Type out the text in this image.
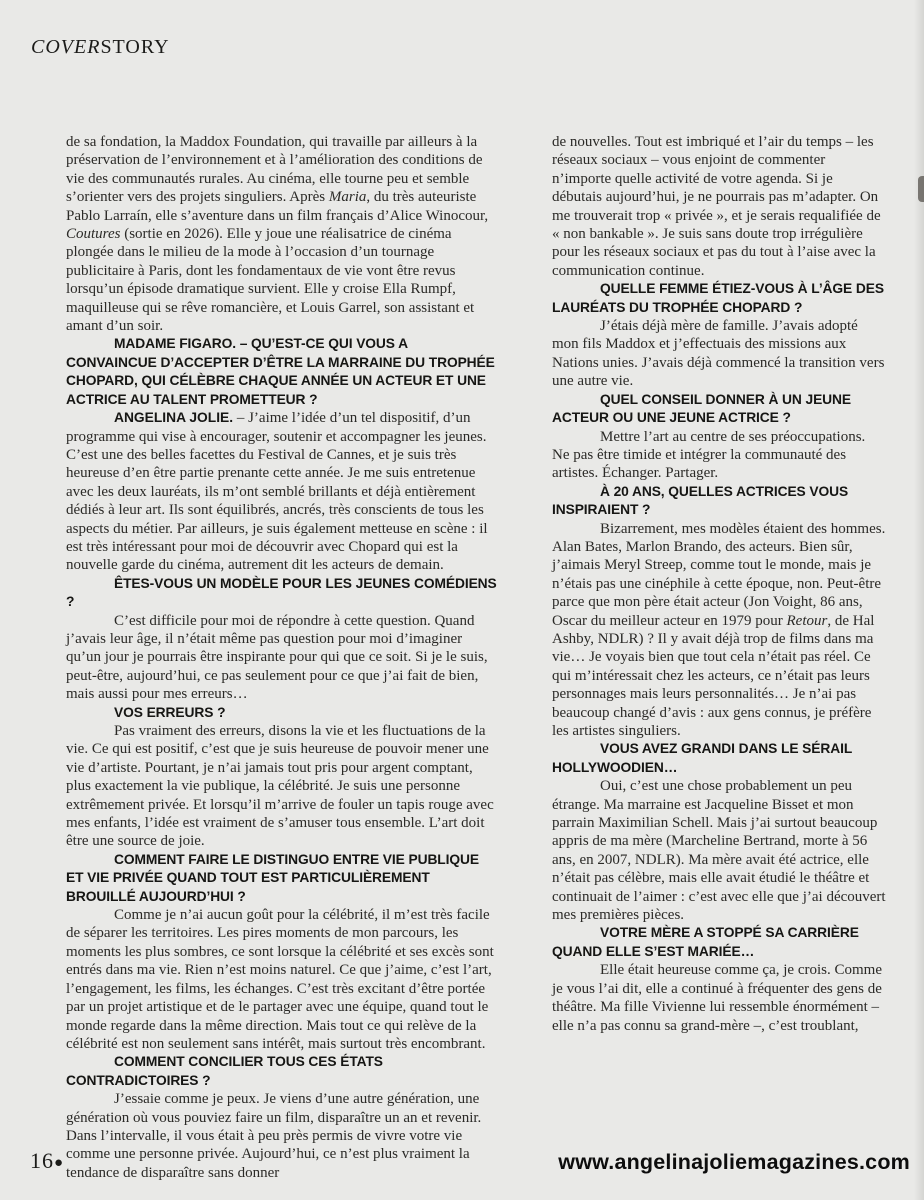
COVERSTORY

de sa fondation, la Maddox Foundation, qui travaille par ailleurs à la préservation de l’environnement et à l’amélioration des conditions de vie des communautés rurales. Au cinéma, elle tourne peu et semble s’orienter vers des projets singuliers. Après Maria, du très auteuriste Pablo Larraín, elle s’aventure dans un film français d’Alice Winocour, Coutures (sortie en 2026). Elle y joue une réalisatrice de cinéma plongée dans le milieu de la mode à l’occasion d’un tournage publicitaire à Paris, dont les fondamentaux de vie vont être revus lorsqu’un épisode dramatique survient. Elle y croise Ella Rumpf, maquilleuse qui se rêve romancière, et Louis Garrel, son assistant et amant d’un soir.

MADAME FIGARO. – QU’EST-CE QUI VOUS A CONVAINCUE D’ACCEPTER D’ÊTRE LA MARRAINE DU TROPHÉE CHOPARD, QUI CÉLÈBRE CHAQUE ANNÉE UN ACTEUR ET UNE ACTRICE AU TALENT PROMETTEUR ?

ANGELINA JOLIE. – J’aime l’idée d’un tel dispositif, d’un programme qui vise à encourager, soutenir et accompagner les jeunes. C’est une des belles facettes du Festival de Cannes, et je suis très heureuse d’en être partie prenante cette année. Je me suis entretenue avec les deux lauréats, ils m’ont semblé brillants et déjà entièrement dédiés à leur art. Ils sont équilibrés, ancrés, très conscients de tous les aspects du métier. Par ailleurs, je suis également metteuse en scène : il est très intéressant pour moi de découvrir avec Chopard qui est la nouvelle garde du cinéma, autrement dit les acteurs de demain.

ÊTES-VOUS UN MODÈLE POUR LES JEUNES COMÉDIENS ?

C’est difficile pour moi de répondre à cette question. Quand j’avais leur âge, il n’était même pas question pour moi d’imaginer qu’un jour je pourrais être inspirante pour qui que ce soit. Si je le suis, peut-être, aujourd’hui, ce pas seulement pour ce que j’ai fait de bien, mais aussi pour mes erreurs…

VOS ERREURS ?

Pas vraiment des erreurs, disons la vie et les fluctuations de la vie. Ce qui est positif, c’est que je suis heureuse de pouvoir mener une vie d’artiste. Pourtant, je n’ai jamais tout pris pour argent comptant, plus exactement la vie publique, la célébrité. Je suis une personne extrêmement privée. Et lorsqu’il m’arrive de fouler un tapis rouge avec mes enfants, l’idée est vraiment de s’amuser tous ensemble. L’art doit être une source de joie.

COMMENT FAIRE LE DISTINGUO ENTRE VIE PUBLIQUE ET VIE PRIVÉE QUAND TOUT EST PARTICULIÈREMENT BROUILLÉ AUJOURD’HUI ?

Comme je n’ai aucun goût pour la célébrité, il m’est très facile de séparer les territoires. Les pires moments de mon parcours, les moments les plus sombres, ce sont lorsque la célébrité et ses excès sont entrés dans ma vie. Rien n’est moins naturel. Ce que j’aime, c’est l’art, l’engagement, les films, les échanges. C’est très excitant d’être portée par un projet artistique et de le partager avec une équipe, quand tout le monde regarde dans la même direction. Mais tout ce qui relève de la célébrité est non seulement sans intérêt, mais surtout très encombrant.

COMMENT CONCILIER TOUS CES ÉTATS CONTRADICTOIRES ?

J’essaie comme je peux. Je viens d’une autre génération, une génération où vous pouviez faire un film, disparaître un an et revenir. Dans l’intervalle, il vous était à peu près permis de vivre votre vie comme une personne privée. Aujourd’hui, ce n’est plus vraiment la tendance de disparaître sans donner

de nouvelles. Tout est imbriqué et l’air du temps – les réseaux sociaux – vous enjoint de commenter n’importe quelle activité de votre agenda. Si je débutais aujourd’hui, je ne pourrais pas m’adapter. On me trouverait trop « privée », et je serais requalifiée de « non bankable ». Je suis sans doute trop irrégulière pour les réseaux sociaux et pas du tout à l’aise avec la communication continue.

QUELLE FEMME ÉTIEZ-VOUS À L’ÂGE DES LAURÉATS DU TROPHÉE CHOPARD ?

J’étais déjà mère de famille. J’avais adopté mon fils Maddox et j’effectuais des missions aux Nations unies. J’avais déjà commencé la transition vers une autre vie.

QUEL CONSEIL DONNER À UN JEUNE ACTEUR OU UNE JEUNE ACTRICE ?

Mettre l’art au centre de ses préoccupations. Ne pas être timide et intégrer la communauté des artistes. Échanger. Partager.

À 20 ANS, QUELLES ACTRICES VOUS INSPIRAIENT ?

Bizarrement, mes modèles étaient des hommes. Alan Bates, Marlon Brando, des acteurs. Bien sûr, j’aimais Meryl Streep, comme tout le monde, mais je n’étais pas une cinéphile à cette époque, non. Peut-être parce que mon père était acteur (Jon Voight, 86 ans, Oscar du meilleur acteur en 1979 pour Retour, de Hal Ashby, NDLR) ? Il y avait déjà trop de films dans ma vie… Je voyais bien que tout cela n’était pas réel. Ce qui m’intéressait chez les acteurs, ce n’était pas leurs personnages mais leurs personnalités… Je n’ai pas beaucoup changé d’avis : aux gens connus, je préfère les artistes singuliers.

VOUS AVEZ GRANDI DANS LE SÉRAIL HOLLYWOODIEN…

Oui, c’est une chose probablement un peu étrange. Ma marraine est Jacqueline Bisset et mon parrain Maximilian Schell. Mais j’ai surtout beaucoup appris de ma mère (Marcheline Bertrand, morte à 56 ans, en 2007, NDLR). Ma mère avait été actrice, elle n’était pas célèbre, mais elle avait étudié le théâtre et continuait de l’aimer : c’est avec elle que j’ai découvert mes premières pièces.

VOTRE MÈRE A STOPPÉ SA CARRIÈRE QUAND ELLE S’EST MARIÉE…

Elle était heureuse comme ça, je crois. Comme je vous l’ai dit, elle a continué à fréquenter des gens de théâtre. Ma fille Vivienne lui ressemble énormément – elle n’a pas connu sa grand-mère –, c’est troublant,

16●	www.angelinajoliemagazines.com
